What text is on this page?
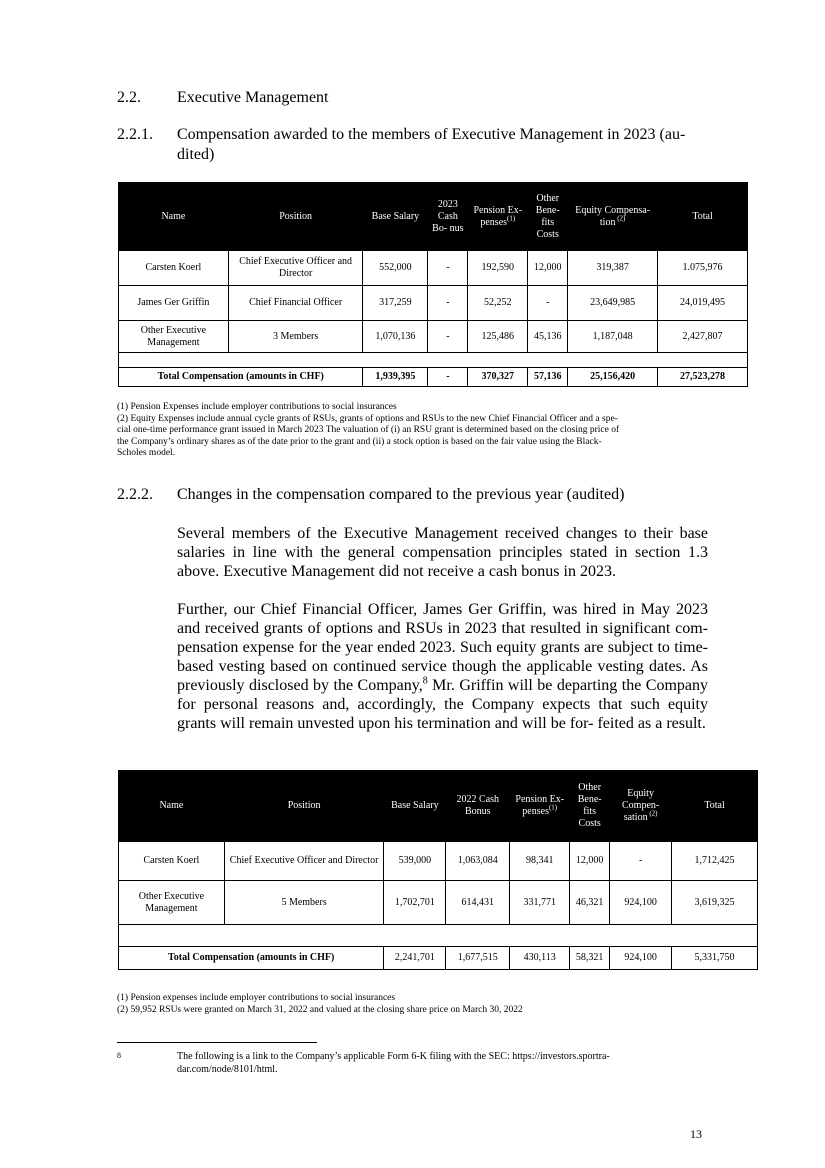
2.2. Executive Management
2.2.1. Compensation awarded to the members of Executive Management in 2023 (au-
dited)
Name	Position	Base Salary	2023 Cash Bo- nus	Pension Ex- penses$^{(1)}$	Other Bene- fits Costs	Equity Compensa- tion $^{(2)}$	Total
Carsten Koerl	Chief Executive Officer and Director	552,000	-	192,590	12,000	319,387	1.075,976
James Ger Griffin	Chief Financial Officer	317,259	-	52,252	-	23,649,985	24,019,495
Other Executive Management	3 Members	1,070,136	-	125,486	45,136	1,187,048	2,427,807

Total Compensation (amounts in CHF)		1,939,395	-	370,327	57,136	25,156,420	27,523,278
(1) Pension Expenses include employer contributions to social insurances
(2) Equity Expenses include annual cycle grants of RSUs, grants of options and RSUs to the new Chief Financial Officer and a spe-
cial one-time performance grant issued in March 2023 The valuation of (i) an RSU grant is determined based on the closing price of
the Company’s ordinary shares as of the date prior to the grant and (ii) a stock option is based on the fair value using the Black-
Scholes model.
2.2.2. Changes in the compensation compared to the previous year (audited)
Several members of the Executive Management received changes to their base salaries in line with the general compensation principles stated in section 1.3 above. Executive Management did not receive a cash bonus in 2023.
Further, our Chief Financial Officer, James Ger Griffin, was hired in May 2023 and received grants of options and RSUs in 2023 that resulted in significant com- pensation expense for the year ended 2023. Such equity grants are subject to time-based vesting based on continued service though the applicable vesting dates. As previously disclosed by the Company,$^8$ Mr. Griffin will be departing the Company for personal reasons and, accordingly, the Company expects that such equity grants will remain unvested upon his termination and will be for- feited as a result.
Name	Position	Base Salary	2022 Cash Bonus	Pension Ex- penses$^{(1)}$	Other Bene- fits Costs	Equity Compen- sation $^{(2)}$	Total
Carsten Koerl	Chief Executive Officer and Director	539,000	1,063,084	98,341	12,000	-	1,712,425
Other Executive Management	5 Members	1,702,701	614,431	331,771	46,321	924,100	3,619,325

Total Compensation (amounts in CHF)		2,241,701	1,677,515	430,113	58,321	924,100	5,331,750
(1) Pension expenses include employer contributions to social insurances
(2) 59,952 RSUs were granted on March 31, 2022 and valued at the closing share price on March 30, 2022
8	The following is a link to the Company’s applicable Form 6-K filing with the SEC: https://investors.sportra-
dar.com/node/8101/html.
13
